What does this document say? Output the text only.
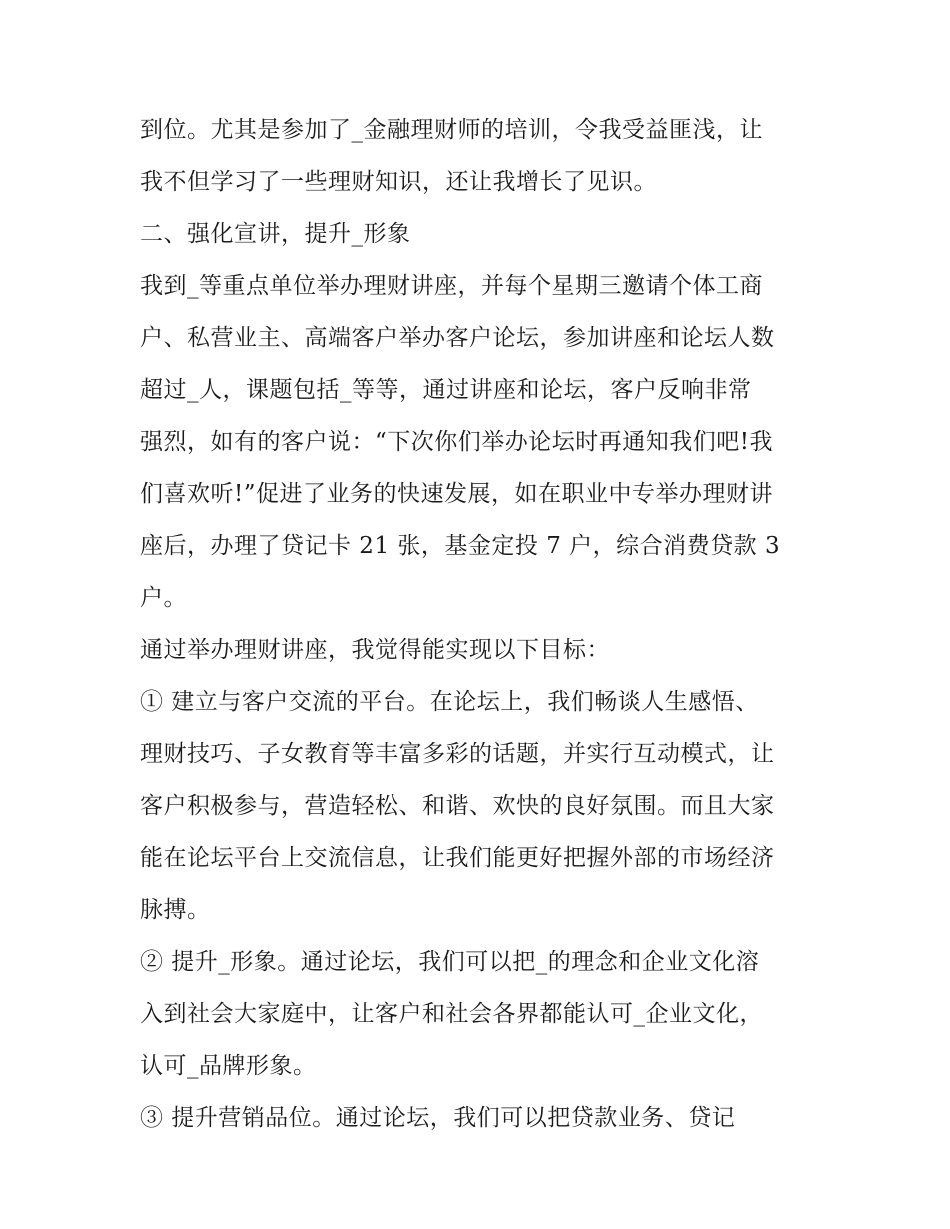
到位。尤其是参加了_金融理财师的培训，令我受益匪浅，让
我不但学习了一些理财知识，还让我增长了见识。
二、强化宣讲，提升_形象
我到_等重点单位举办理财讲座，并每个星期三邀请个体工商
户、私营业主、高端客户举办客户论坛，参加讲座和论坛人数
超过_人，课题包括_等等，通过讲座和论坛，客户反响非常
强烈，如有的客户说：“下次你们举办论坛时再通知我们吧!我
们喜欢听!”促进了业务的快速发展，如在职业中专举办理财讲
座后，办理了贷记卡 21 张，基金定投 7 户，综合消费贷款 3
户。
通过举办理财讲座，我觉得能实现以下目标：
① 建立与客户交流的平台。在论坛上，我们畅谈人生感悟、
理财技巧、子女教育等丰富多彩的话题，并实行互动模式，让
客户积极参与，营造轻松、和谐、欢快的良好氛围。而且大家
能在论坛平台上交流信息，让我们能更好把握外部的市场经济
脉搏。
② 提升_形象。通过论坛，我们可以把_的理念和企业文化溶
入到社会大家庭中，让客户和社会各界都能认可_企业文化，
认可_品牌形象。
③ 提升营销品位。通过论坛，我们可以把贷款业务、贷记
